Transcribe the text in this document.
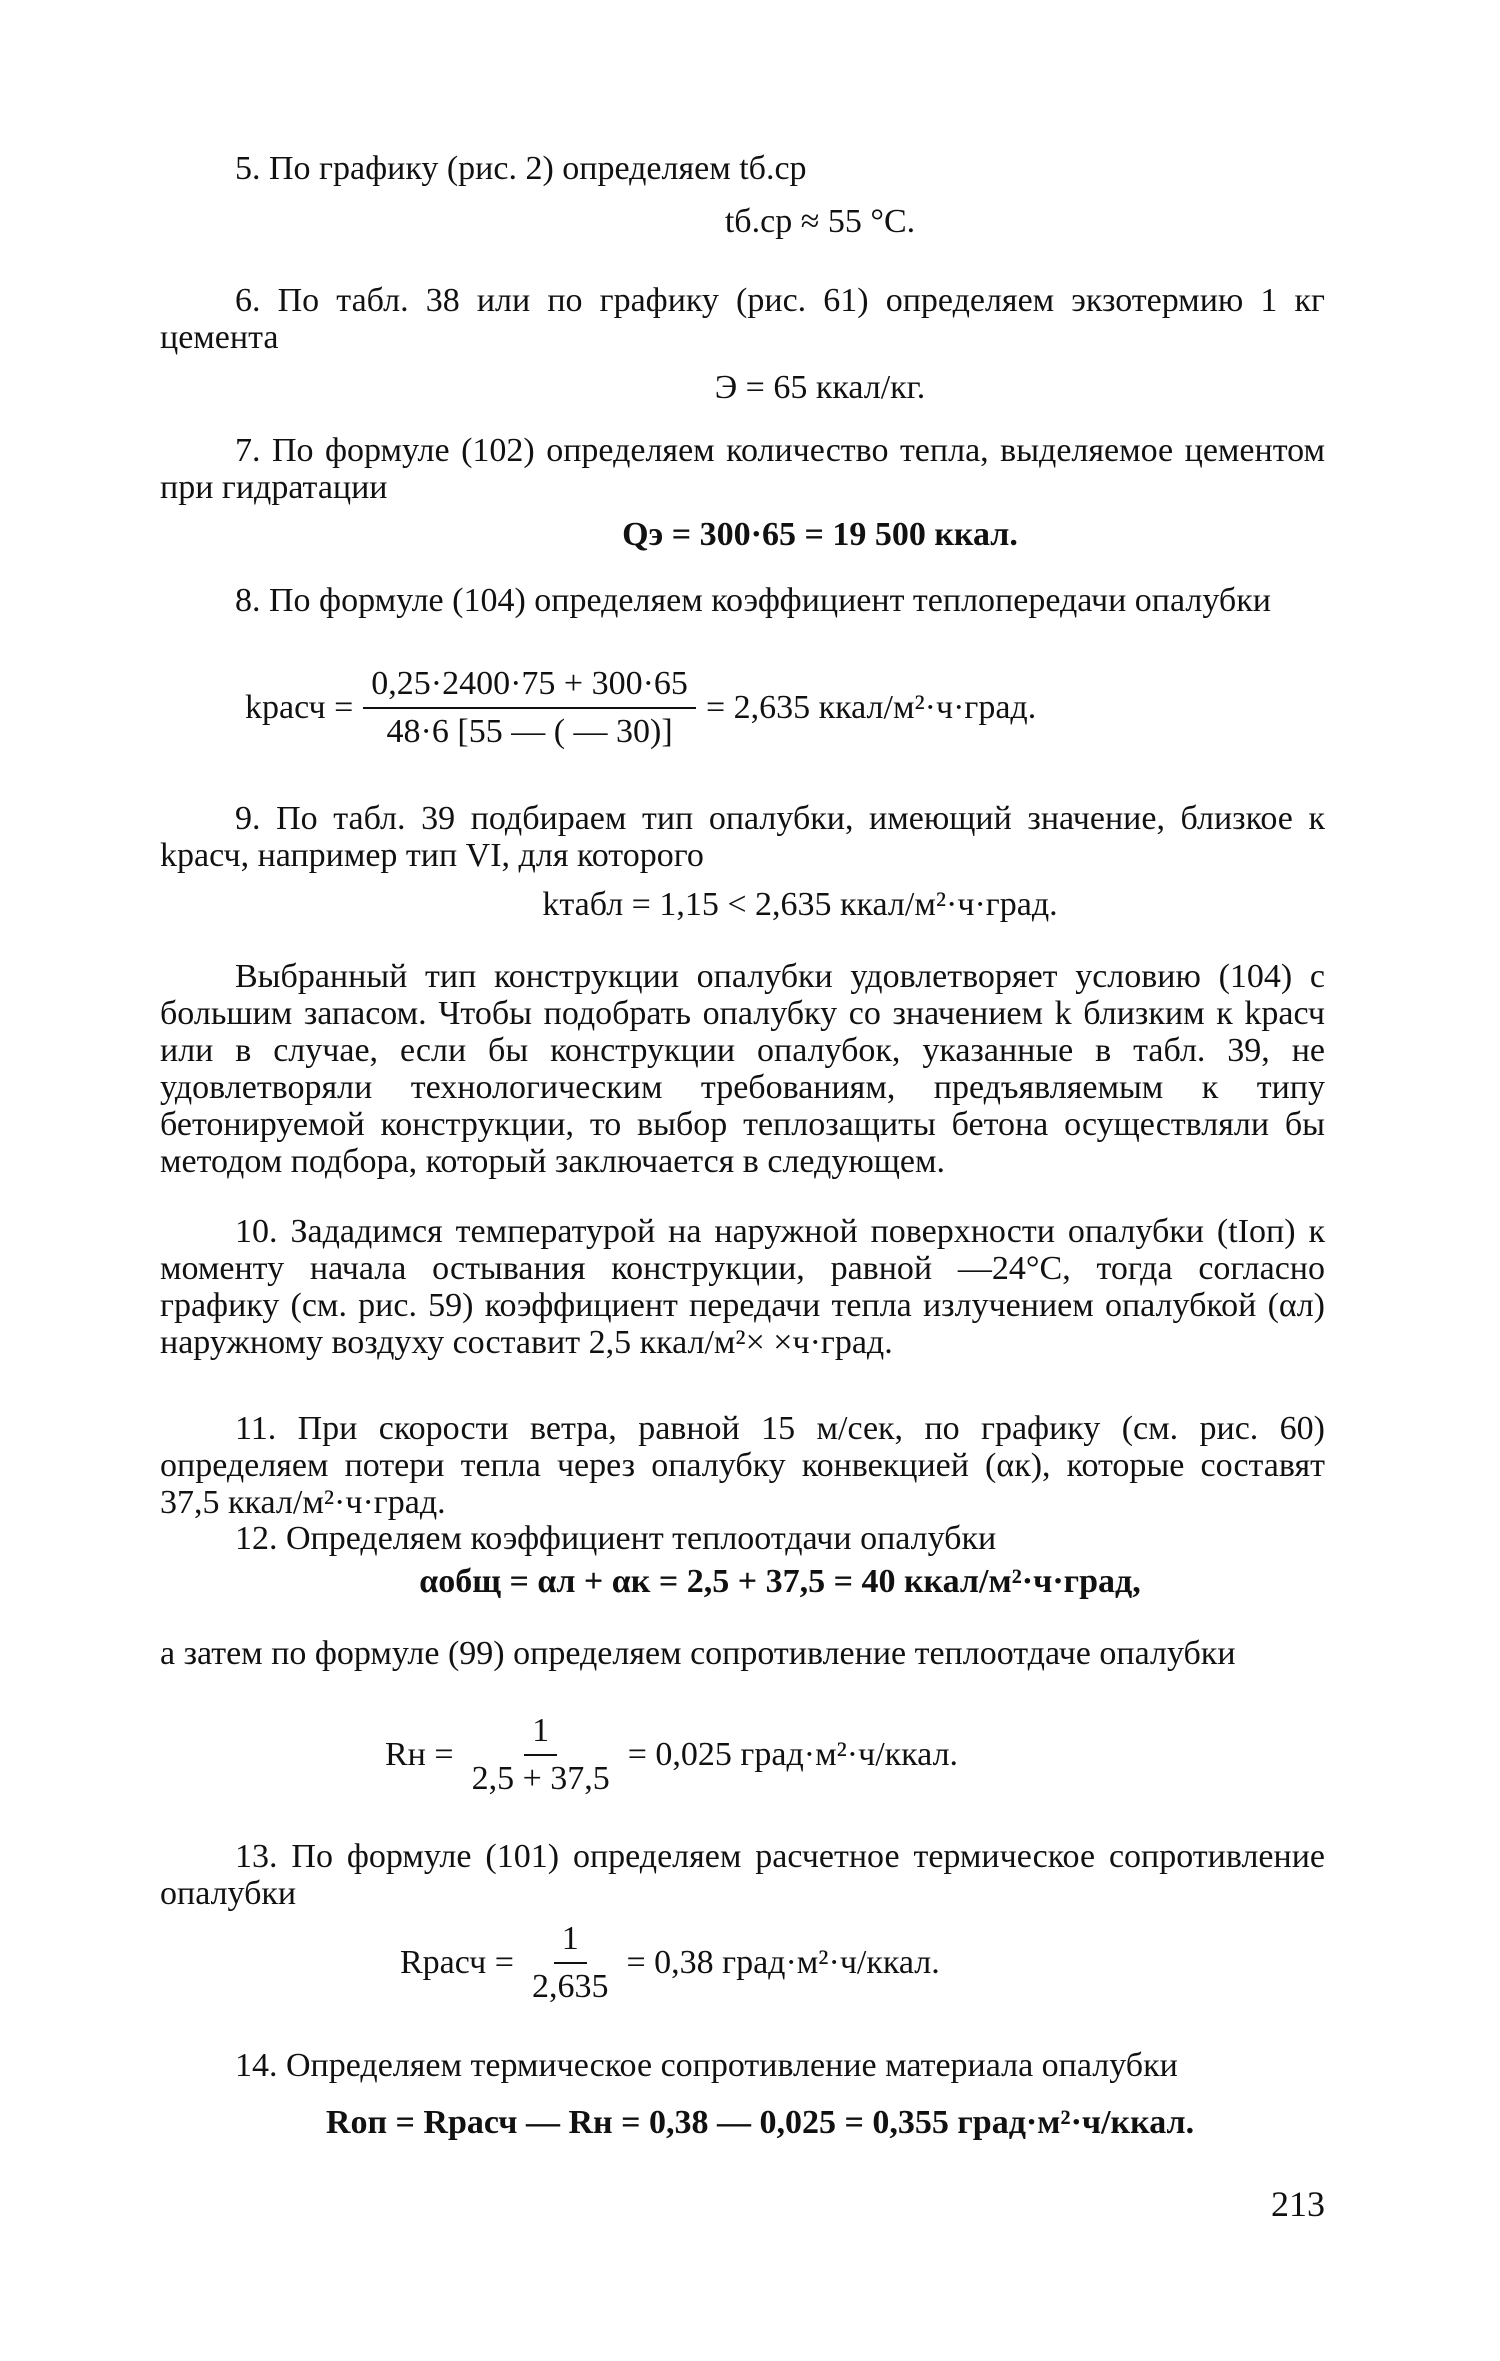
5. По графику (рис. 2) определяем tб.ср
tб.ср ≈ 55 °С.
6. По табл. 38 или по графику (рис. 61) определяем экзотермию 1 кг цемента
Э = 65 ккал/кг.
7. По формуле (102) определяем количество тепла, выделяемое цементом при гидратации
Qэ = 300·65 = 19 500 ккал.
8. По формуле (104) определяем коэффициент теплопередачи опалубки
kрасч = $\frac{0,25\cdot 2400\cdot 75 + 300\cdot 65}{48\cdot 6 [55 — ( — 30)]} = 2,635$ ккал/м²·ч·град.
9. По табл. 39 подбираем тип опалубки, имеющий значение, близкое к kрасч, например тип VI, для которого
kтабл = 1,15 < 2,635 ккал/м²·ч·град.
Выбранный тип конструкции опалубки удовлетворяет условию (104) с большим запасом. Чтобы подобрать опалубку со значением k близким к kрасч или в случае, если бы конструкции опалубок, указанные в табл. 39, не удовлетворяли технологическим требованиям, предъявляемым к типу бетонируемой конструкции, то выбор теплозащиты бетона осуществляли бы методом подбора, который заключается в следующем.
10. Зададимся температурой на наружной поверхности опалубки (tIоп) к моменту начала остывания конструкции, равной —24°С, тогда согласно графику (см. рис. 59) коэффициент передачи тепла излучением опалубкой (αл) наружному воздуху составит 2,5 ккал/м²× ×ч·град.
11. При скорости ветра, равной 15 м/сек, по графику (см. рис. 60) определяем потери тепла через опалубку конвекцией (αк), которые составят 37,5 ккал/м²·ч·град.
12. Определяем коэффициент теплоотдачи опалубки
αобщ = αл + αк = 2,5 + 37,5 = 40 ккал/м²·ч·град,
а затем по формуле (99) определяем сопротивление теплоотдаче опалубки
Rн = $\frac{1}{2,5 + 37,5} = 0,025$ град·м²·ч/ккал.
13. По формуле (101) определяем расчетное термическое сопротивление опалубки
Rрасч = $\frac{1}{2,635} = 0,38$ град·м²·ч/ккал.
14. Определяем термическое сопротивление материала опалубки
Rоп = Rрасч — Rн = 0,38 — 0,025 = 0,355 град·м²·ч/ккал.
213
